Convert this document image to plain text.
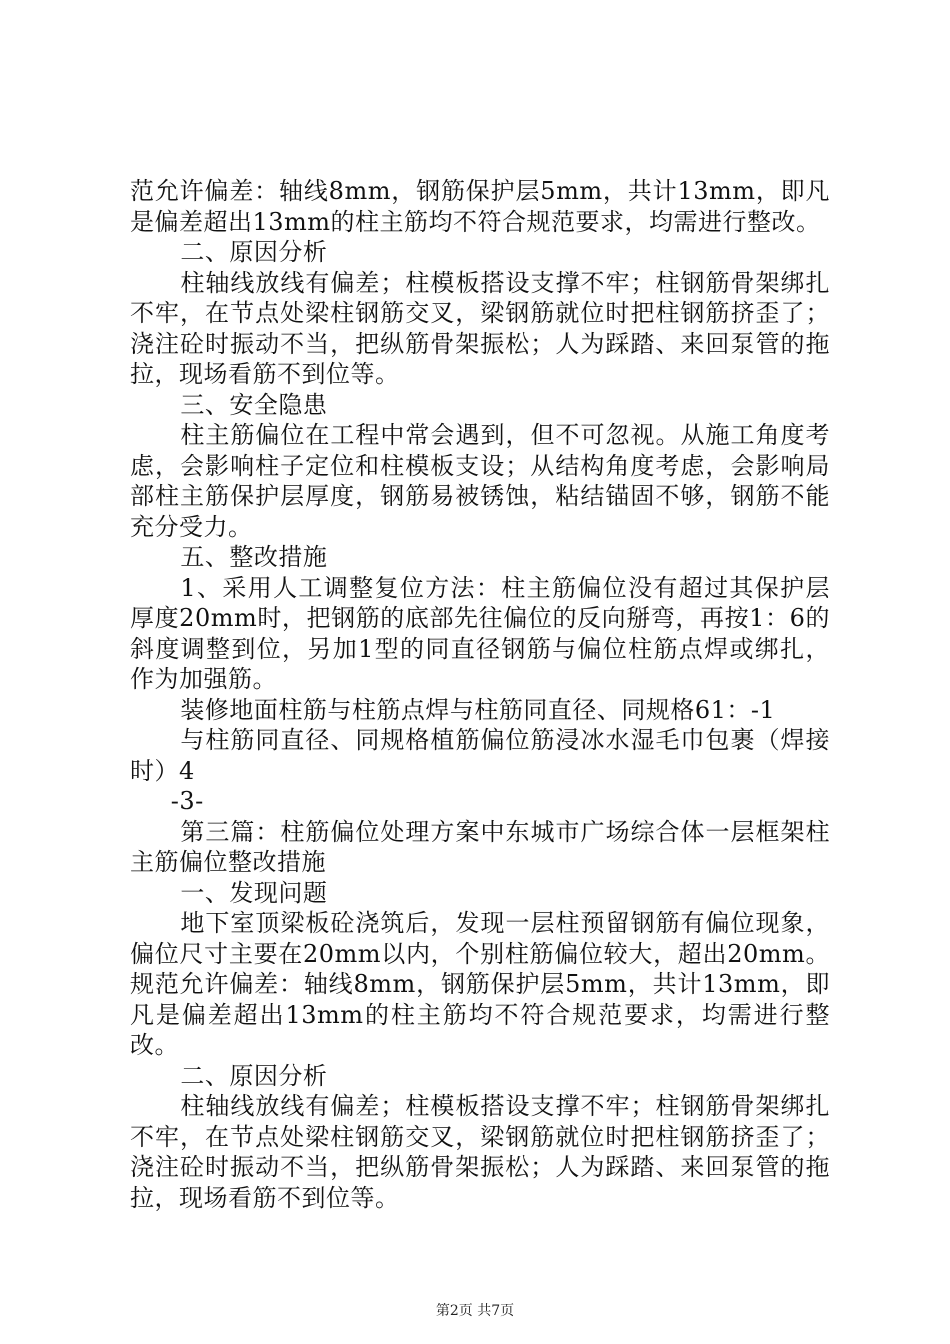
范允许偏差：轴线8mm，钢筋保护层5mm，共计13mm，即凡是偏差超出13mm的柱主筋均不符合规范要求，均需进行整改。

二、原因分析

柱轴线放线有偏差；柱模板搭设支撑不牢；柱钢筋骨架绑扎不牢，在节点处梁柱钢筋交叉，梁钢筋就位时把柱钢筋挤歪了；浇注砼时振动不当，把纵筋骨架振松；人为踩踏、来回泵管的拖拉，现场看筋不到位等。

三、安全隐患

柱主筋偏位在工程中常会遇到，但不可忽视。从施工角度考虑，会影响柱子定位和柱模板支设；从结构角度考虑，会影响局部柱主筋保护层厚度，钢筋易被锈蚀，粘结锚固不够，钢筋不能充分受力。

五、整改措施

1、采用人工调整复位方法：柱主筋偏位没有超过其保护层厚度20mm时，把钢筋的底部先往偏位的反向掰弯，再按1：6的斜度调整到位，另加1型的同直径钢筋与偏位柱筋点焊或绑扎，作为加强筋。

装修地面柱筋与柱筋点焊与柱筋同直径、同规格61：-1

与柱筋同直径、同规格植筋偏位筋浸冰水湿毛巾包裹（焊接时）4

-3-

第三篇：柱筋偏位处理方案中东城市广场综合体一层框架柱主筋偏位整改措施

一、发现问题

地下室顶梁板砼浇筑后，发现一层柱预留钢筋有偏位现象，偏位尺寸主要在20mm以内，个别柱筋偏位较大，超出20mm。规范允许偏差：轴线8mm，钢筋保护层5mm，共计13mm，即凡是偏差超出13mm的柱主筋均不符合规范要求，均需进行整改。

二、原因分析

柱轴线放线有偏差；柱模板搭设支撑不牢；柱钢筋骨架绑扎不牢，在节点处梁柱钢筋交叉，梁钢筋就位时把柱钢筋挤歪了；浇注砼时振动不当，把纵筋骨架振松；人为踩踏、来回泵管的拖拉，现场看筋不到位等。

第2页 共7页
